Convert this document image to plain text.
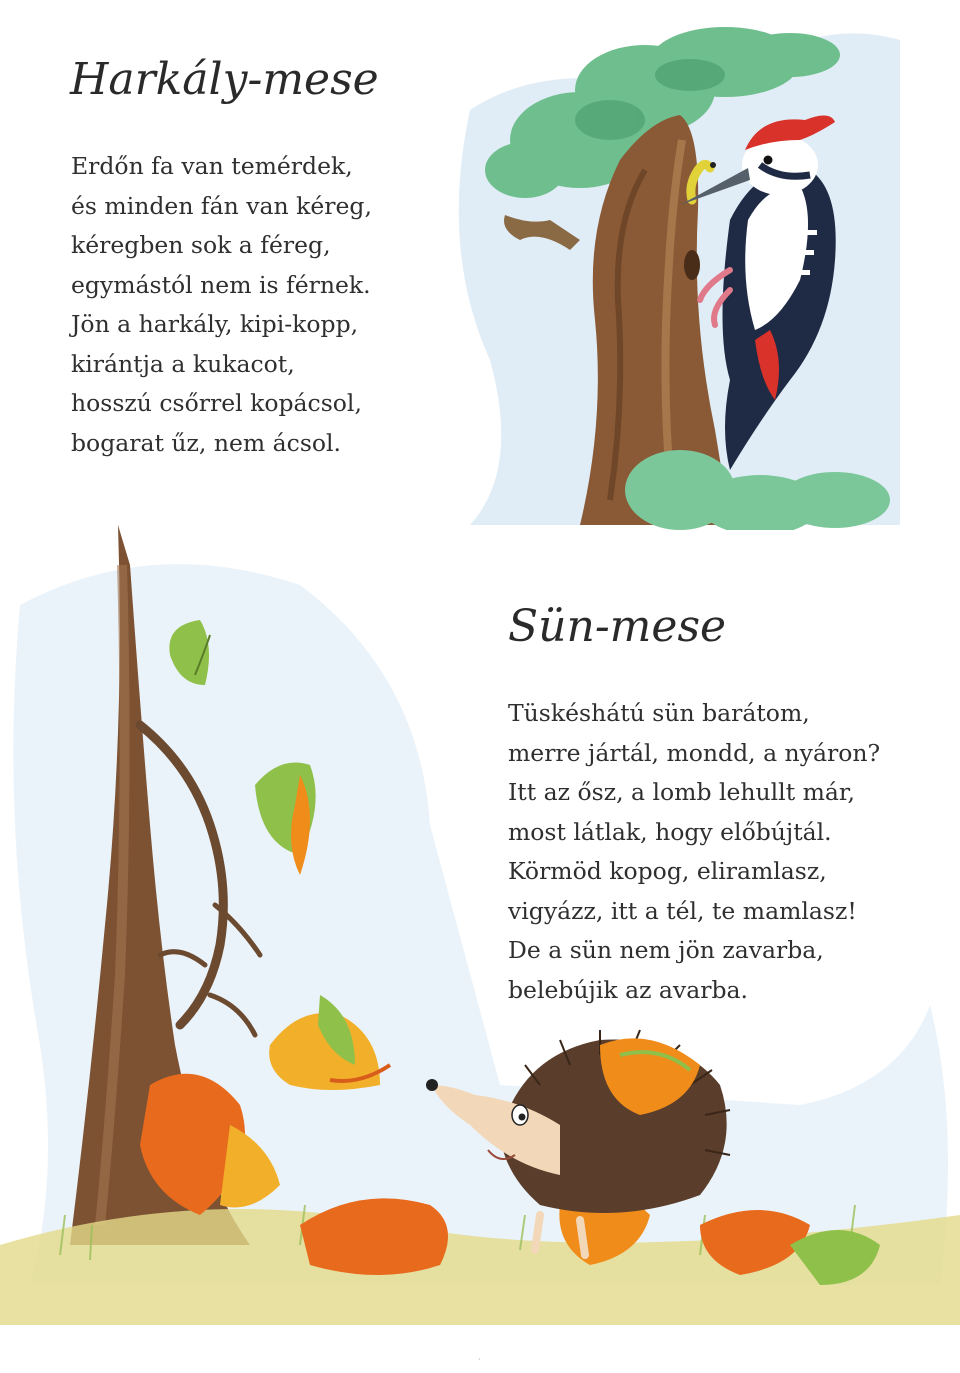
Harkály-mese
Erdőn fa van temérdek,
és minden fán van kéreg,
kéregben sok a féreg,
egymástól nem is férnek.
Jön a harkály, kipi-kopp,
kirántja a kukacot,
hosszú csőrrel kopácsol,
bogarat űz, nem ácsol.
Sün-mese
Tüskéshátú sün barátom,
merre jártál, mondd, a nyáron?
Itt az ősz, a lomb lehullt már,
most látlak, hogy előbújtál.
Körmöd kopog, eliramlasz,
vigyázz, itt a tél, te mamlasz!
De a sün nem jön zavarba,
belebújik az avarba.
·
